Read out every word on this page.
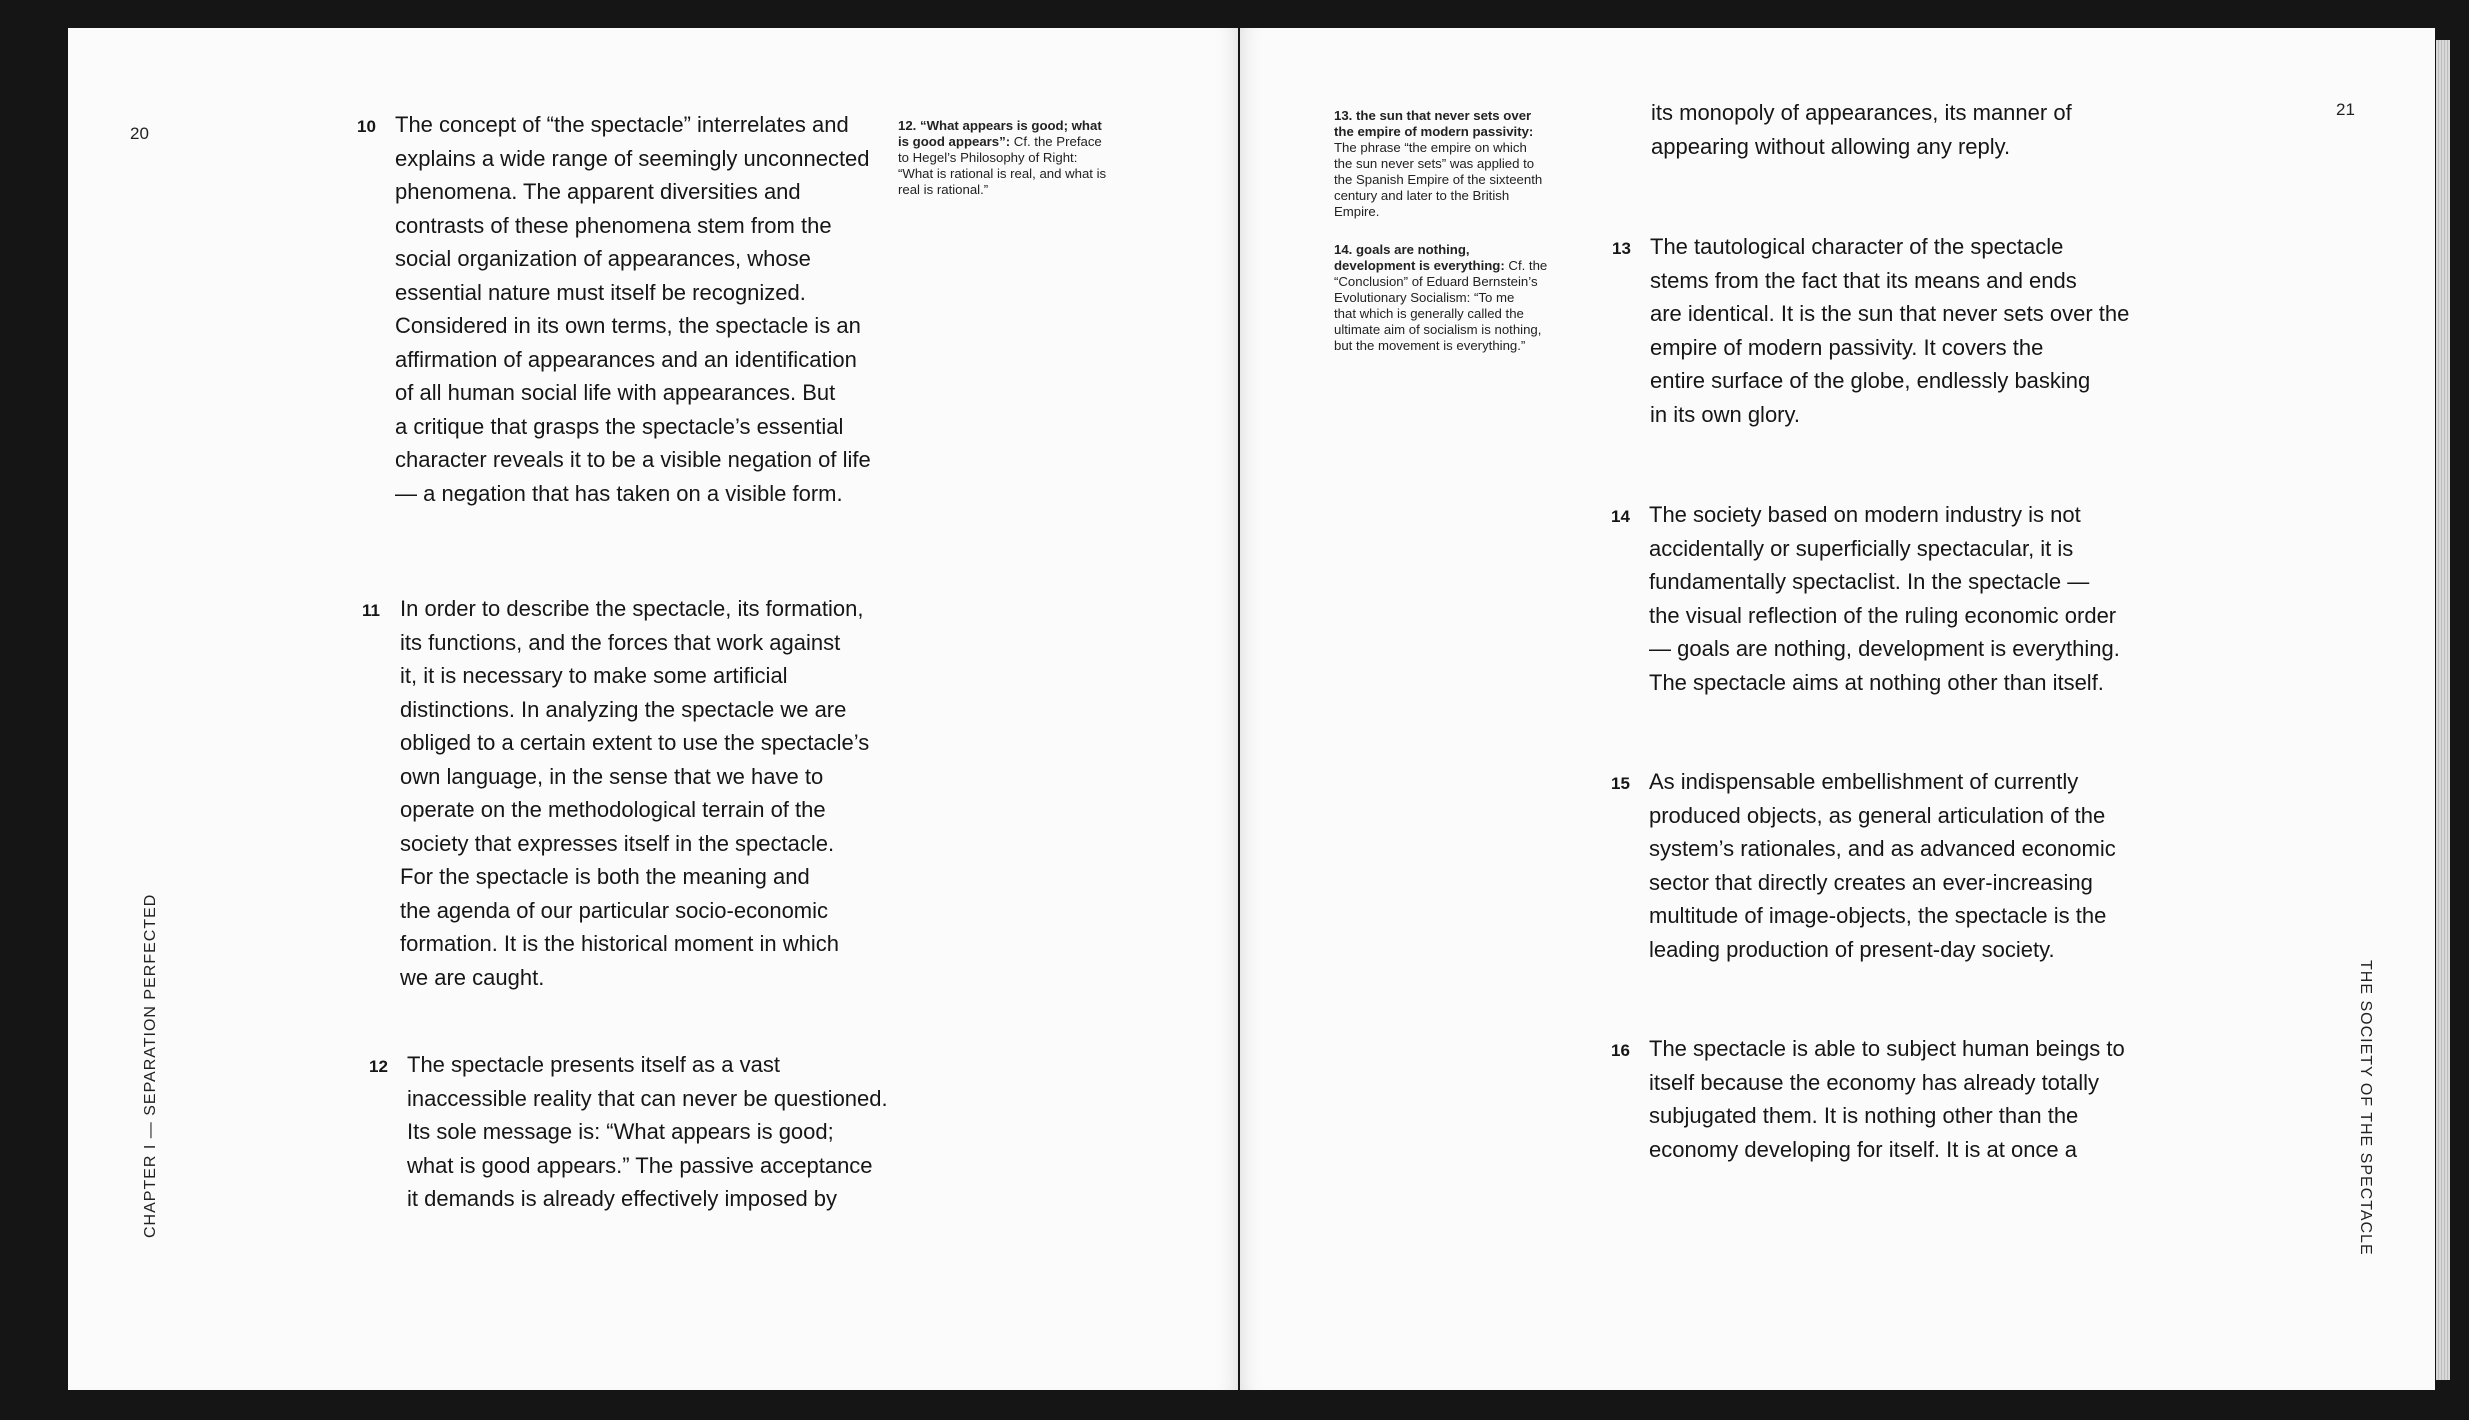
20	10 The concept of “the spectacle” interrelates and
explains a wide range of seemingly unconnected
phenomena. The apparent diversities and
contrasts of these phenomena stem from the
social organization of appearances, whose
essential nature must itself be recognized.
Considered in its own terms, the spectacle is an
affirmation of appearances and an identification
of all human social life with appearances. But
a critique that grasps the spectacle’s essential
character reveals it to be a visible negation of life
— a negation that has taken on a visible form.
11 In order to describe the spectacle, its formation,
its functions, and the forces that work against
it, it is necessary to make some artificial
distinctions. In analyzing the spectacle we are
obliged to a certain extent to use the spectacle’s
own language, in the sense that we have to
operate on the methodological terrain of the
society that expresses itself in the spectacle.
For the spectacle is both the meaning and
the agenda of our particular socio-economic
formation. It is the historical moment in which
we are caught.
12 The spectacle presents itself as a vast
inaccessible reality that can never be questioned.
Its sole message is: “What appears is good;
what is good appears.” The passive acceptance
it demands is already effectively imposed by
12. “What appears is good; what
is good appears”: Cf. the Preface
to Hegel’s Philosophy of Right:
“What is rational is real, and what is
real is rational.”
CHAPTER I — SEPARATION PERFECTED
21
13. the sun that never sets over
the empire of modern passivity:
The phrase “the empire on which
the sun never sets” was applied to
the Spanish Empire of the sixteenth
century and later to the British
Empire.
14. goals are nothing,
development is everything: Cf. the
“Conclusion” of Eduard Bernstein’s
Evolutionary Socialism: “To me
that which is generally called the
ultimate aim of socialism is nothing,
but the movement is everything.”
its monopoly of appearances, its manner of
appearing without allowing any reply.
13 The tautological character of the spectacle
stems from the fact that its means and ends
are identical. It is the sun that never sets over the
empire of modern passivity. It covers the
entire surface of the globe, endlessly basking
in its own glory.
14 The society based on modern industry is not
accidentally or superficially spectacular, it is
fundamentally spectaclist. In the spectacle —
the visual reflection of the ruling economic order
— goals are nothing, development is everything.
The spectacle aims at nothing other than itself.
15 As indispensable embellishment of currently
produced objects, as general articulation of the
system’s rationales, and as advanced economic
sector that directly creates an ever-increasing
multitude of image-objects, the spectacle is the
leading production of present-day society.
16 The spectacle is able to subject human beings to
itself because the economy has already totally
subjugated them. It is nothing other than the
economy developing for itself. It is at once a	THE SOCIETY OF THE SPECTACLE
